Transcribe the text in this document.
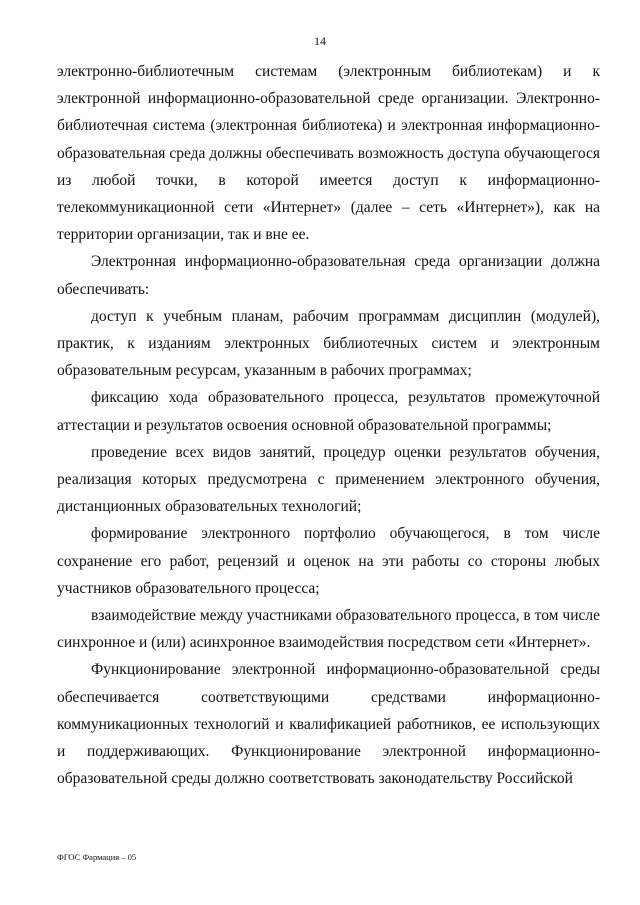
14

электронно-библиотечным системам (электронным библиотекам) и к электронной информационно-образовательной среде организации. Электронно-библиотечная система (электронная библиотека) и электронная информационно-образовательная среда должны обеспечивать возможность доступа обучающегося из любой точки, в которой имеется доступ к информационно-телекоммуникационной сети «Интернет» (далее – сеть «Интернет»), как на территории организации, так и вне ее.

Электронная информационно-образовательная среда организации должна обеспечивать:

доступ к учебным планам, рабочим программам дисциплин (модулей), практик, к изданиям электронных библиотечных систем и электронным образовательным ресурсам, указанным в рабочих программах;

фиксацию хода образовательного процесса, результатов промежуточной аттестации и результатов освоения основной образовательной программы;

проведение всех видов занятий, процедур оценки результатов обучения, реализация которых предусмотрена с применением электронного обучения, дистанционных образовательных технологий;

формирование электронного портфолио обучающегося, в том числе сохранение его работ, рецензий и оценок на эти работы со стороны любых участников образовательного процесса;

взаимодействие между участниками образовательного процесса, в том числе синхронное и (или) асинхронное взаимодействия посредством сети «Интернет».

Функционирование электронной информационно-образовательной среды обеспечивается соответствующими средствами информационно-коммуникационных технологий и квалификацией работников, ее использующих и поддерживающих. Функционирование электронной информационно-образовательной среды должно соответствовать законодательству Российской

ФГОС Фармация – 05
